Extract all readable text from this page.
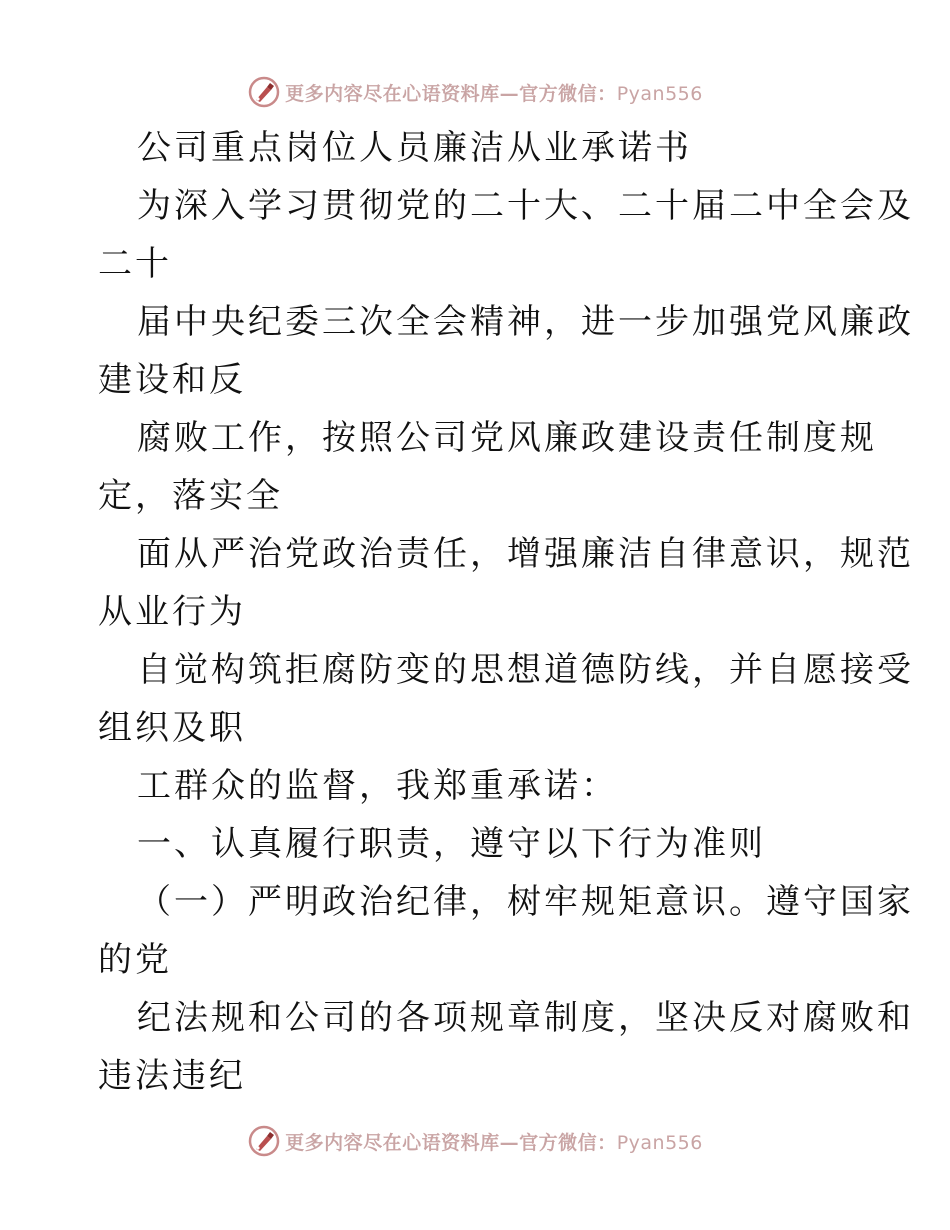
更多内容尽在心语资料库—官方微信：Pyan556
公司重点岗位人员廉洁从业承诺书
为深入学习贯彻党的二十大、二十届二中全会及
二十
届中央纪委三次全会精神，进一步加强党风廉政
建设和反
腐败工作，按照公司党风廉政建设责任制度规
定，落实全
面从严治党政治责任，增强廉洁自律意识，规范
从业行为
自觉构筑拒腐防变的思想道德防线，并自愿接受
组织及职
工群众的监督，我郑重承诺：
一、认真履行职责，遵守以下行为准则
（一）严明政治纪律，树牢规矩意识。遵守国家
的党
纪法规和公司的各项规章制度，坚决反对腐败和
违法违纪
更多内容尽在心语资料库—官方微信：Pyan556
